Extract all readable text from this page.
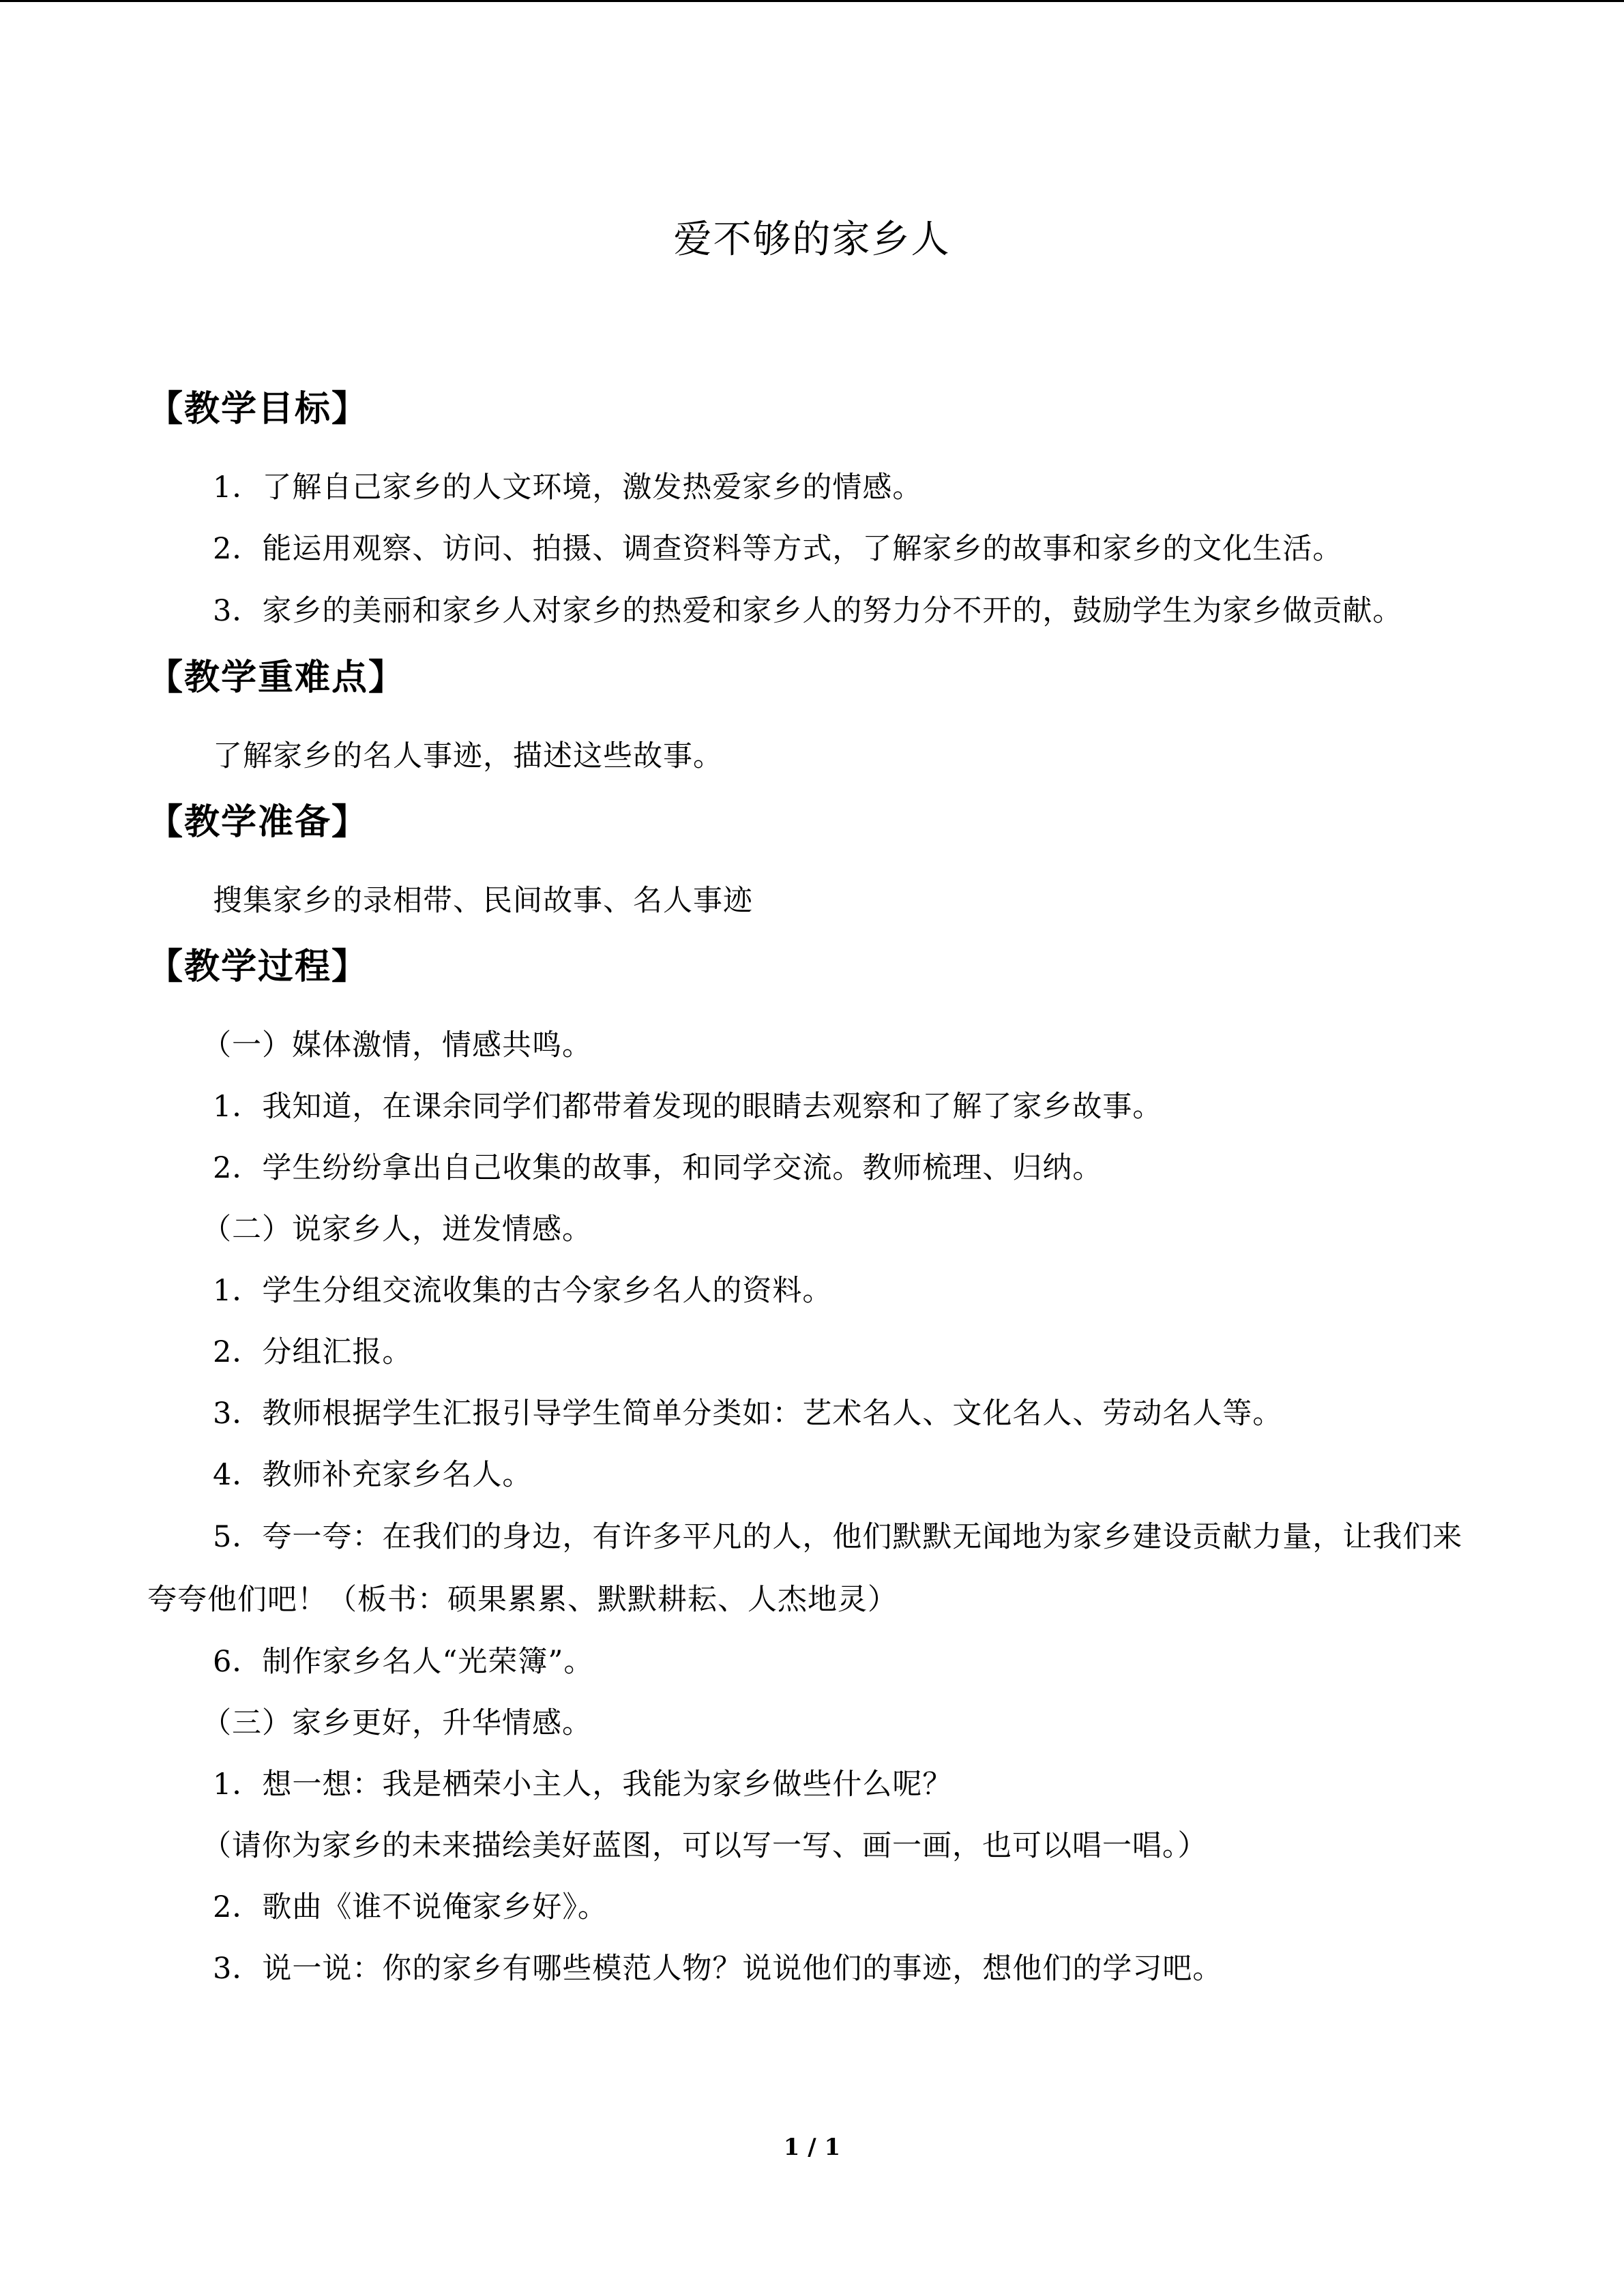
爱不够的家乡人
【教学目标】

1．了解自己家乡的人文环境，激发热爱家乡的情感。

2．能运用观察、访问、拍摄、调查资料等方式，了解家乡的故事和家乡的文化生活。

3．家乡的美丽和家乡人对家乡的热爱和家乡人的努力分不开的，鼓励学生为家乡做贡献。

【教学重难点】

了解家乡的名人事迹，描述这些故事。

【教学准备】

搜集家乡的录相带、民间故事、名人事迹

【教学过程】

（一）媒体激情，情感共鸣。

1．我知道，在课余同学们都带着发现的眼睛去观察和了解了家乡故事。

2．学生纷纷拿出自己收集的故事，和同学交流。教师梳理、归纳。

（二）说家乡人，迸发情感。

1．学生分组交流收集的古今家乡名人的资料。

2．分组汇报。

3．教师根据学生汇报引导学生简单分类如：艺术名人、文化名人、劳动名人等。

4．教师补充家乡名人。

5．夸一夸：在我们的身边，有许多平凡的人，他们默默无闻地为家乡建设贡献力量，让我们来夸夸他们吧！（板书：硕果累累、默默耕耘、人杰地灵）

6．制作家乡名人“光荣簿”。

（三）家乡更好，升华情感。

1．想一想：我是栖荣小主人，我能为家乡做些什么呢？

（请你为家乡的未来描绘美好蓝图，可以写一写、画一画，也可以唱一唱。）

2．歌曲《谁不说俺家乡好》。

3．说一说：你的家乡有哪些模范人物？说说他们的事迹，想他们的学习吧。

1 / 1
